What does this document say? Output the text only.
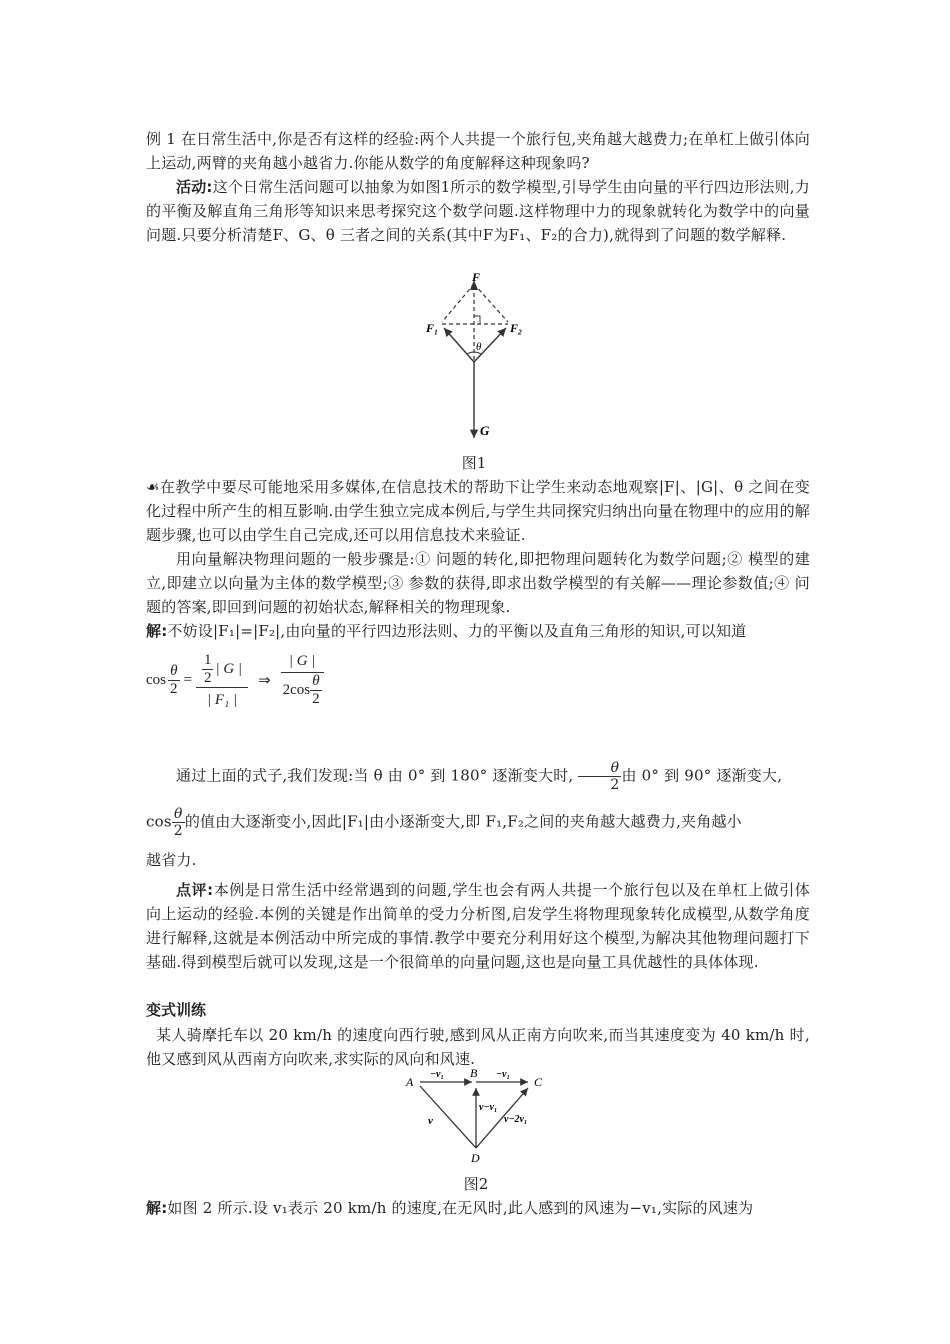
例 1 在日常生活中,你是否有这样的经验:两个人共提一个旅行包,夹角越大越费力;在单杠上做引体向上运动,两臂的夹角越小越省力.你能从数学的角度解释这种现象吗?
活动:这个日常生活问题可以抽象为如图1所示的数学模型,引导学生由向量的平行四边形法则,力的平衡及解直角三角形等知识来思考探究这个数学问题.这样物理中力的现象就转化为数学中的向量问题.只要分析清楚F、G、θ 三者之间的关系(其中F为F₁、F₂的合力),就得到了问题的数学解释.
F
F₁	F₂
θ
G
图1
☙在教学中要尽可能地采用多媒体,在信息技术的帮助下让学生来动态地观察|F|、|G|、θ 之间在变化过程中所产生的相互影响.由学生独立完成本例后,与学生共同探究归纳出向量在物理中的应用的解题步骤,也可以由学生自己完成,还可以用信息技术来验证.
用向量解决物理问题的一般步骤是:① 问题的转化,即把物理问题转化为数学问题;② 模型的建立,即建立以向量为主体的数学模型;③ 参数的获得,即求出数学模型的有关解——理论参数值;④ 问题的答案,即回到问题的初始状态,解释相关的物理现象.
解:不妨设|F₁|=|F₂|,由向量的平行四边形法则、力的平衡以及直角三角形的知识,可以知道
$\cos \frac{\theta}{2} = \frac{\frac{1}{2} | G |}{\text{| F₁ |}}$ ⇒ $\frac{| G |}{2\cos \frac{\theta}{2}}$
通过上面的式子,我们发现:当 θ 由 0° 到 180° 逐渐变大时, $\frac{\theta}{2}$ 由 0° 到 90° 逐渐变大,
$\cos \frac{\theta}{2}$ 的值由大逐渐变小,因此|F₁|由小逐渐变大,即 F₁,F₂之间的夹角越大越费力,夹角越小
越省力.
点评:本例是日常生活中经常遇到的问题,学生也会有两人共提一个旅行包以及在单杠上做引体向上运动的经验.本例的关键是作出简单的受力分析图,启发学生将物理现象转化成模型,从数学角度进行解释,这就是本例活动中所完成的事情.教学中要充分利用好这个模型,为解决其他物理问题打下基础.得到模型后就可以发现,这是一个很简单的向量问题,这也是向量工具优越性的具体体现.
变式训练
某人骑摩托车以 20 km/h 的速度向西行驶,感到风从正南方向吹来,而当其速度变为 40 km/h 时,他又感到风从西南方向吹来,求实际的风向和风速.
A
B
C
D
−v₁	−v₁
v
v−v₁
v−2v₁
图2
解:如图 2 所示.设 v₁表示 20 km/h 的速度,在无风时,此人感到的风速为−v₁,实际的风速为
